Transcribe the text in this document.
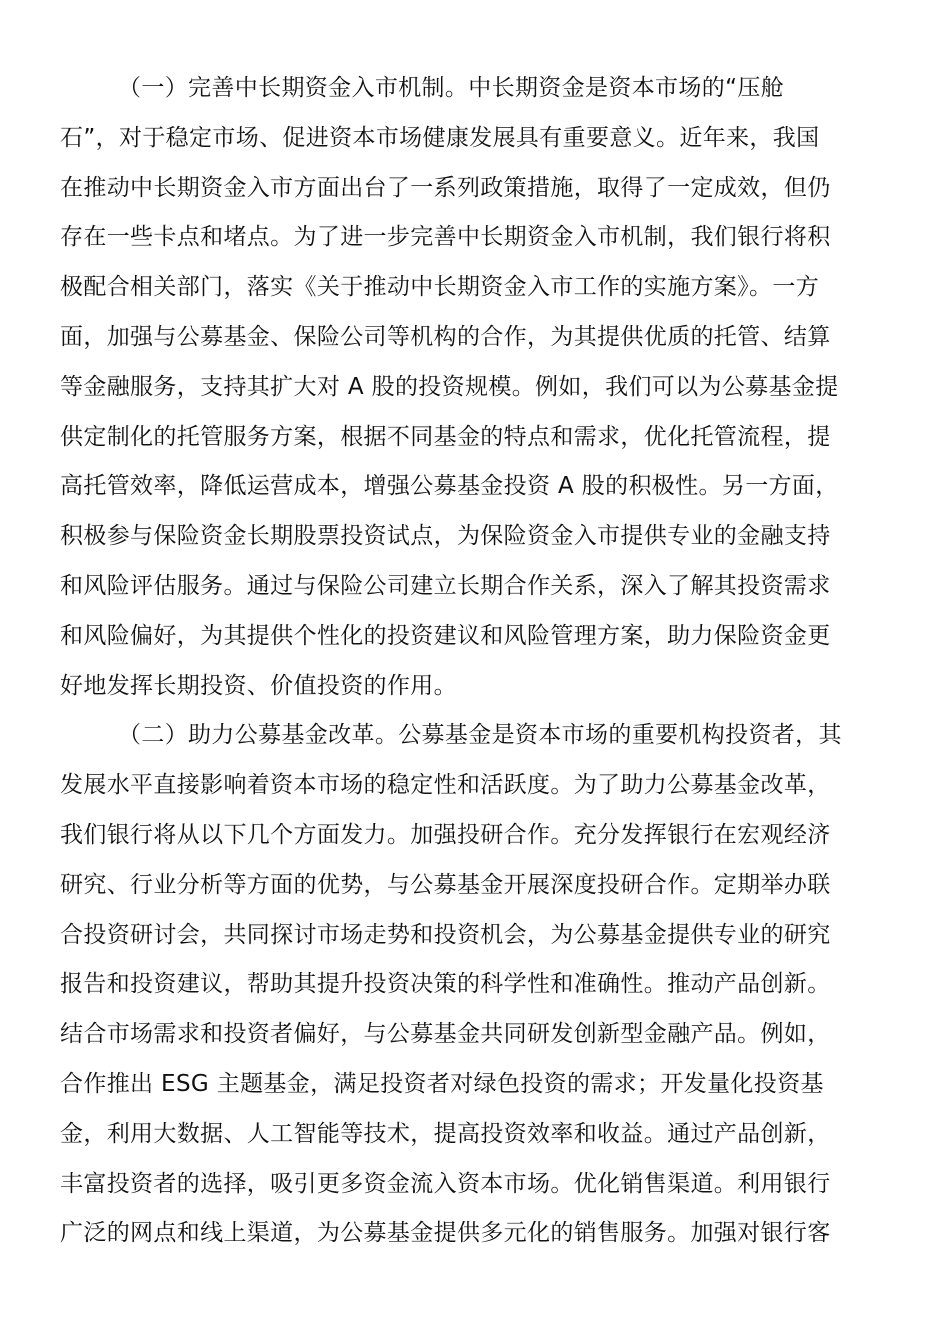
（一）完善中长期资金入市机制。中长期资金是资本市场的“压舱
石”，对于稳定市场、促进资本市场健康发展具有重要意义。近年来，我国
在推动中长期资金入市方面出台了一系列政策措施，取得了一定成效，但仍
存在一些卡点和堵点。为了进一步完善中长期资金入市机制，我们银行将积
极配合相关部门，落实《关于推动中长期资金入市工作的实施方案》。一方
面，加强与公募基金、保险公司等机构的合作，为其提供优质的托管、结算
等金融服务，支持其扩大对 A 股的投资规模。例如，我们可以为公募基金提
供定制化的托管服务方案，根据不同基金的特点和需求，优化托管流程，提
高托管效率，降低运营成本，增强公募基金投资 A 股的积极性。另一方面，
积极参与保险资金长期股票投资试点，为保险资金入市提供专业的金融支持
和风险评估服务。通过与保险公司建立长期合作关系，深入了解其投资需求
和风险偏好，为其提供个性化的投资建议和风险管理方案，助力保险资金更
好地发挥长期投资、价值投资的作用。
（二）助力公募基金改革。公募基金是资本市场的重要机构投资者，其
发展水平直接影响着资本市场的稳定性和活跃度。为了助力公募基金改革，
我们银行将从以下几个方面发力。加强投研合作。充分发挥银行在宏观经济
研究、行业分析等方面的优势，与公募基金开展深度投研合作。定期举办联
合投资研讨会，共同探讨市场走势和投资机会，为公募基金提供专业的研究
报告和投资建议，帮助其提升投资决策的科学性和准确性。推动产品创新。
结合市场需求和投资者偏好，与公募基金共同研发创新型金融产品。例如，
合作推出 ESG 主题基金，满足投资者对绿色投资的需求；开发量化投资基
金，利用大数据、人工智能等技术，提高投资效率和收益。通过产品创新，
丰富投资者的选择，吸引更多资金流入资本市场。优化销售渠道。利用银行
广泛的网点和线上渠道，为公募基金提供多元化的销售服务。加强对银行客
